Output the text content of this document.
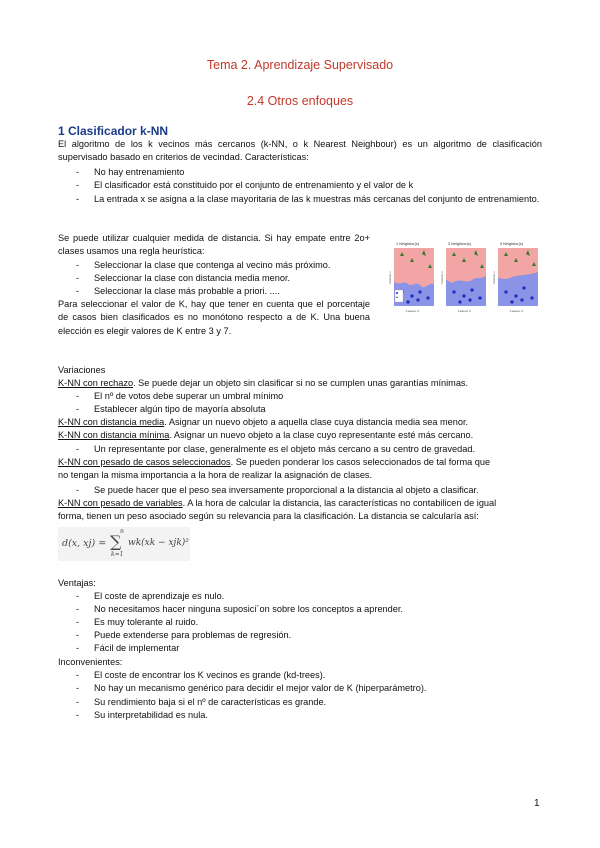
Tema 2. Aprendizaje Supervisado
2.4 Otros enfoques
1 Clasificador k-NN
El algoritmo de los k vecinos más cercanos (k-NN, o k Nearest Neighbour) es un algoritmo de clasificación supervisado basado en criterios de vecindad. Características:
- No hay entrenamiento
- El clasificador está constituido por el conjunto de entrenamiento y el valor de k
- La entrada x se asigna a la clase mayoritaria de las k muestras más cercanas del conjunto de entrenamiento.
Se puede utilizar cualquier medida de distancia. Si hay empate entre 2o+ clases usamos una regla heurística:
- Seleccionar la clase que contenga al vecino más próximo.
- Seleccionar la clase con distancia media menor.
- Seleccionar la clase más probable a priori. ....
Para seleccionar el valor de K, hay que tener en cuenta que el porcentaje de casos bien clasificados es no monótono respecto a de K. Una buena elección es elegir valores de K entre 3 y 7.
1 Neighbor(s)
Feature 0
Feature 1
3 Neighbor(s)
Feature 0
Feature 1
9 Neighbor(s)
Feature 0
Feature 1
Variaciones
K-NN con rechazo. Se puede dejar un objeto sin clasificar si no se cumplen unas garantías mínimas.
- El nº de votos debe superar un umbral mínimo
- Establecer algún tipo de mayoría absoluta
K-NN con distancia media. Asignar un nuevo objeto a aquella clase cuya distancia media sea menor.
K-NN con distancia mínima. Asignar un nuevo objeto a la clase cuyo representante esté más cercano.
- Un representante por clase, generalmente es el objeto más cercano a su centro de gravedad.
K-NN con pesado de casos seleccionados. Se pueden ponderar los casos seleccionados de tal forma que
no tengan la misma importancia a la hora de realizar la asignación de clases.
- Se puede hacer que el peso sea inversamente proporcional a la distancia al objeto a clasificar.
K-NN con pesado de variables. A la hora de calcular la distancia, las características no contabilicen de igual
forma, tienen un peso asociado según su relevancia para la clasificación. La distancia se calcularía así:
d(x, xj) =
n
∑
k=1
wk(xk − xjk)²
Ventajas:
- El coste de aprendizaje es nulo.
- No necesitamos hacer ninguna suposici´on sobre los conceptos a aprender.
- Es muy tolerante al ruido.
- Puede extenderse para problemas de regresión.
- Fácil de implementar
Inconvenientes:
- El coste de encontrar los K vecinos es grande (kd-trees).
- No hay un mecanismo genérico para decidir el mejor valor de K (hiperparámetro).
- Su rendimiento baja si el nº de características es grande.
- Su interpretabilidad es nula.
1
